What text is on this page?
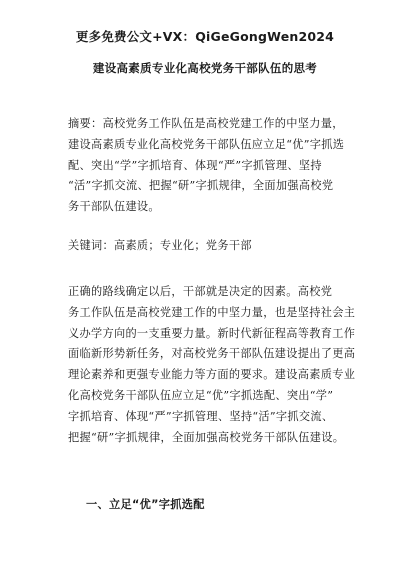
更多免费公文+VX：QiGeGongWen2024
建设高素质专业化高校党务干部队伍的思考
摘要：高校党务工作队伍是高校党建工作的中坚力量，
建设高素质专业化高校党务干部队伍应立足“优”字抓选
配、突出“学”字抓培育、体现“严”字抓管理、坚持
“活”字抓交流、把握“研”字抓规律，全面加强高校党
务干部队伍建设。
关键词：高素质；专业化；党务干部
正确的路线确定以后，干部就是决定的因素。高校党
务工作队伍是高校党建工作的中坚力量，也是坚持社会主
义办学方向的一支重要力量。新时代新征程高等教育工作
面临新形势新任务，对高校党务干部队伍建设提出了更高
理论素养和更强专业能力等方面的要求。建设高素质专业
化高校党务干部队伍应立足“优”字抓选配、突出“学”
字抓培育、体现“严”字抓管理、坚持“活”字抓交流、
把握“研”字抓规律，全面加强高校党务干部队伍建设。
一、立足“优”字抓选配
